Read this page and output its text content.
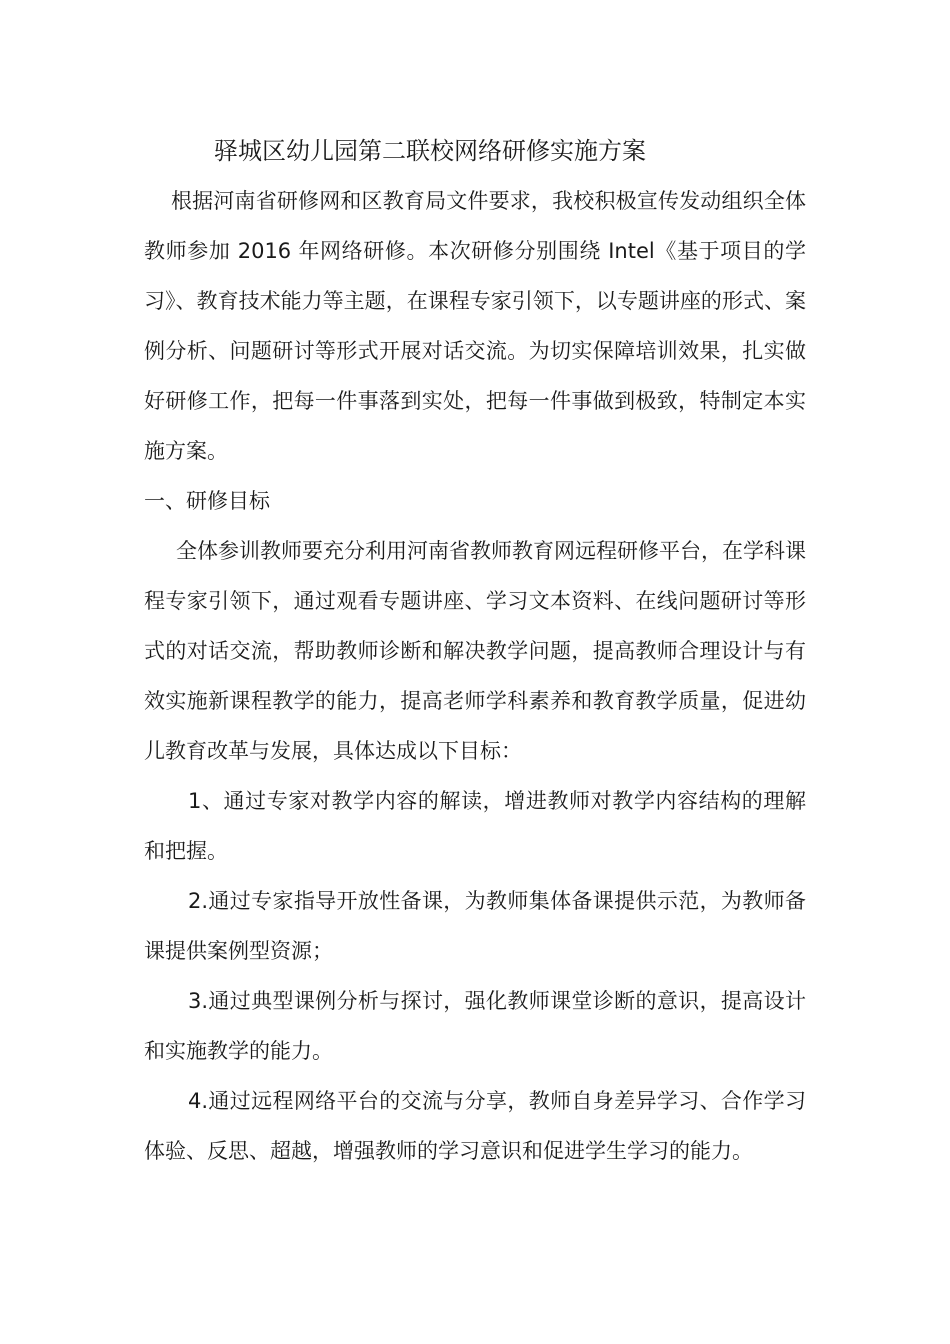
驿城区幼儿园第二联校网络研修实施方案

根据河南省研修网和区教育局文件要求，我校积极宣传发动组织全体教师参加 2016 年网络研修。本次研修分别围绕 Intel《基于项目的学习》、教育技术能力等主题，在课程专家引领下，以专题讲座的形式、案例分析、问题研讨等形式开展对话交流。为切实保障培训效果，扎实做好研修工作，把每一件事落到实处，把每一件事做到极致，特制定本实施方案。

一、研修目标

全体参训教师要充分利用河南省教师教育网远程研修平台，在学科课程专家引领下，通过观看专题讲座、学习文本资料、在线问题研讨等形式的对话交流，帮助教师诊断和解决教学问题，提高教师合理设计与有效实施新课程教学的能力，提高老师学科素养和教育教学质量，促进幼儿教育改革与发展，具体达成以下目标：

1、通过专家对教学内容的解读，增进教师对教学内容结构的理解和把握。

2.通过专家指导开放性备课，为教师集体备课提供示范，为教师备课提供案例型资源；

3.通过典型课例分析与探讨，强化教师课堂诊断的意识，提高设计和实施教学的能力。

4.通过远程网络平台的交流与分享，教师自身差异学习、合作学习体验、反思、超越，增强教师的学习意识和促进学生学习的能力。
